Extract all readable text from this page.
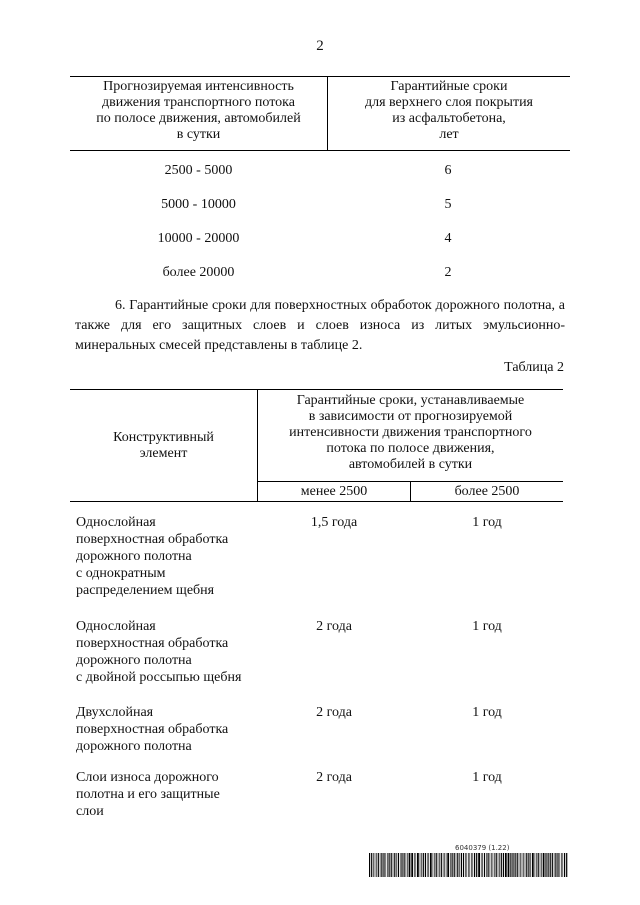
2
Прогнозируемая интенсивность
движения транспортного потока
по полосе движения, автомобилей
в сутки
Гарантийные сроки
для верхнего слоя покрытия
из асфальтобетона,
лет
2500 - 5000	6
5000 - 10000	5
10000 - 20000	4
более 20000	2

6. Гарантийные сроки для поверхностных обработок дорожного полотна, а также для его защитных слоев и слоев износа из литых эмульсионно-минеральных смесей представлены в таблице 2.

Таблица 2
Конструктивный
элемент
Гарантийные сроки, устанавливаемые
в зависимости от прогнозируемой
интенсивности движения транспортного
потока по полосе движения,
автомобилей в сутки
менее 2500	более 2500
Однослойная
поверхностная обработка
дорожного полотна
с однократным
распределением щебня
1,5 года	1 год
Однослойная
поверхностная обработка
дорожного полотна
с двойной россыпью щебня
2 года	1 год
Двухслойная
поверхностная обработка
дорожного полотна
2 года	1 год
Слои износа дорожного
полотна и его защитные
слои
2 года	1 год
6040379 (1.22)
